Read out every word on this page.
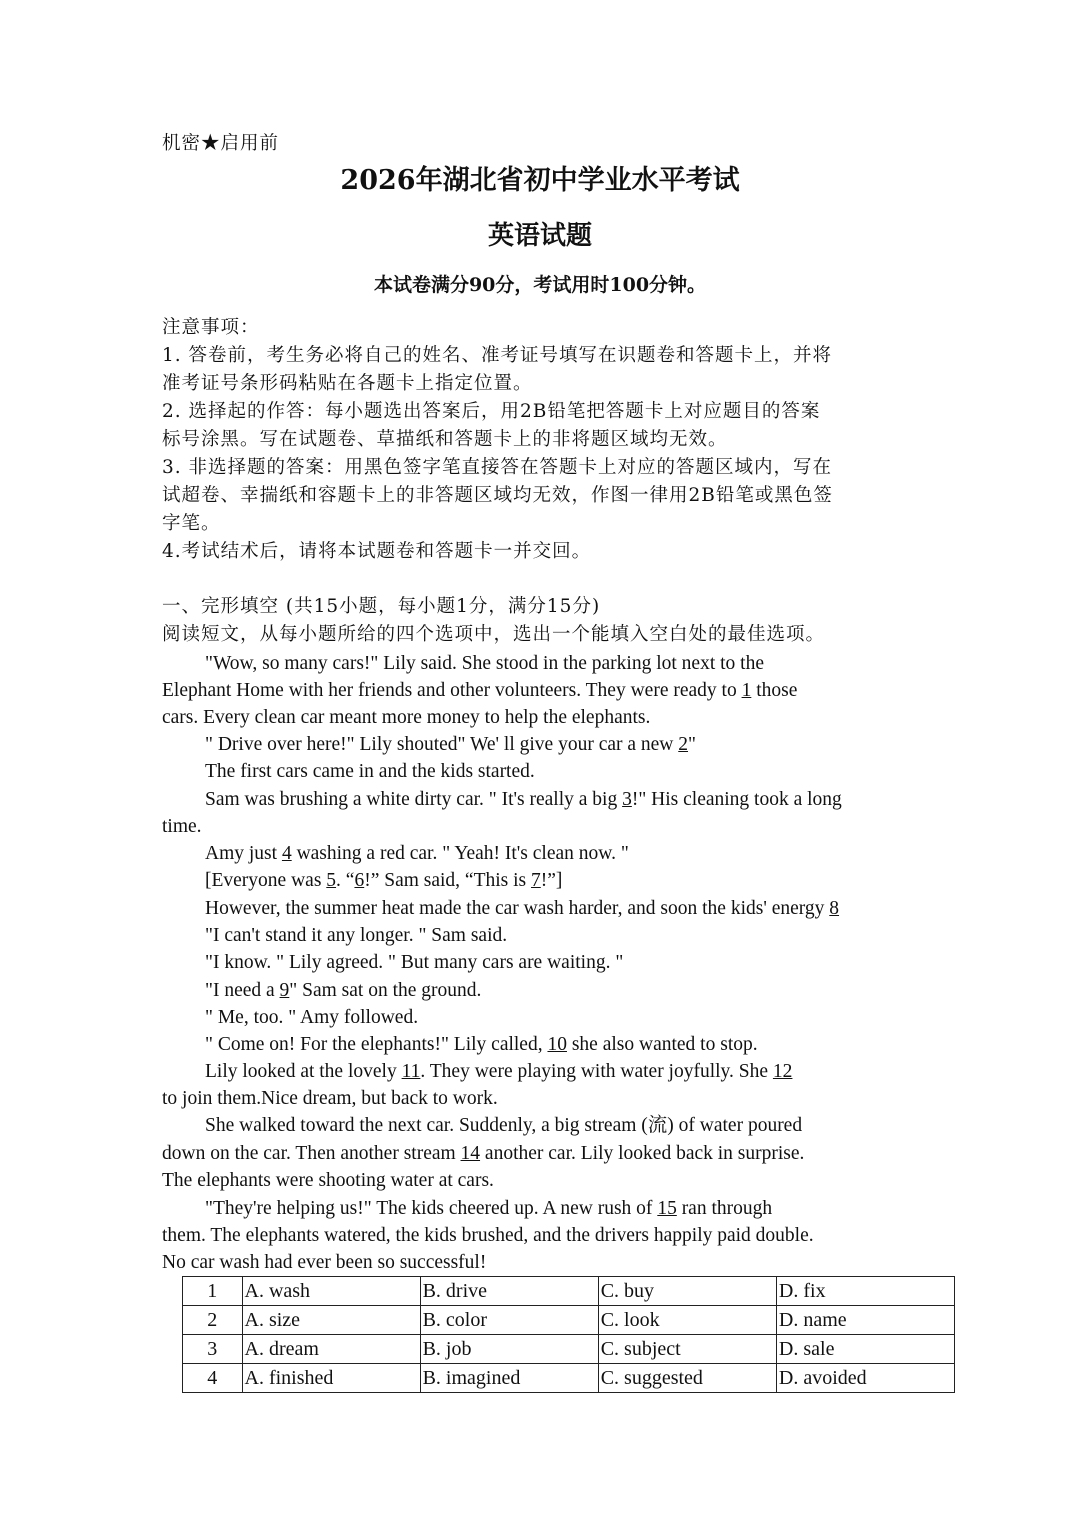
机密★启用前
2026年湖北省初中学业水平考试
英语试题
本试卷满分90分，考试用时100分钟。
注意事项：
1. 答卷前，考生务必将自己的姓名、准考证号填写在识题卷和答题卡上，并将
准考证号条形码粘贴在各题卡上指定位置。
2. 选择起的作答：每小题选出答案后，用2B铅笔把答题卡上对应题目的答案
标号涂黑。写在试题卷、草描纸和答题卡上的非将题区域均无效。
3. 非选择题的答案：用黑色签字笔直接答在答题卡上对应的答题区域内，写在
试超卷、幸揣纸和容题卡上的非答题区域均无效，作图一律用2B铅笔或黑色签
字笔。
4.考试结术后，请将本试题卷和答题卡一并交回。
一、完形填空 (共15小题，每小题1分，满分15分)
阅读短文，从每小题所给的四个选项中，选出一个能填入空白处的最佳选项。
"Wow, so many cars!" Lily said. She stood in the parking lot next to the
Elephant Home with her friends and other volunteers. They were ready to 1 those
cars. Every clean car meant more money to help the elephants.
" Drive over here!" Lily shouted" We' ll give your car a new 2"
The first cars came in and the kids started.
Sam was brushing a white dirty car. " It's really a big 3!" His cleaning took a long
time.
Amy just 4 washing a red car. " Yeah! It's clean now. "
[Everyone was 5. “6!” Sam said, “This is 7!”]
However, the summer heat made the car wash harder, and soon the kids' energy 8
"I can't stand it any longer. " Sam said.
"I know. " Lily agreed. " But many cars are waiting. "
"I need a 9" Sam sat on the ground.
" Me, too. " Amy followed.
" Come on! For the elephants!" Lily called, 10 she also wanted to stop.
Lily looked at the lovely 11. They were playing with water joyfully. She 12
to join them.Nice dream, but back to work.
She walked toward the next car. Suddenly, a big stream (流) of water poured
down on the car. Then another stream 14 another car. Lily looked back in surprise.
The elephants were shooting water at cars.
"They're helping us!" The kids cheered up. A new rush of 15 ran through
them. The elephants watered, the kids brushed, and the drivers happily paid double.
No car wash had ever been so successful!
1	A. wash	B. drive	C. buy	D. fix
2	A. size	B. color	C. look	D. name
3	A. dream	B. job	C. subject	D. sale
4	A. finished	B. imagined	C. suggested	D. avoided
